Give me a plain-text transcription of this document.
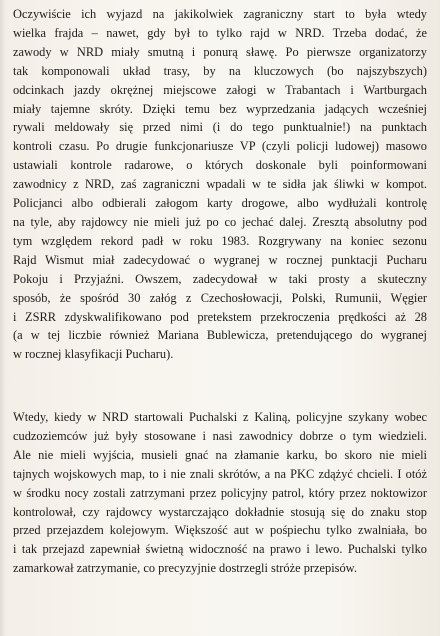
Oczywiście ich wyjazd na jakikolwiek zagraniczny start to była wtedy
wielka frajda – nawet, gdy był to tylko rajd w NRD. Trzeba dodać, że
zawody w NRD miały smutną i ponurą sławę. Po pierwsze organizatorzy
tak komponowali układ trasy, by na kluczowych (bo najszybszych)
odcinkach jazdy okrężnej miejscowe załogi w Trabantach i Wartburgach
miały tajemne skróty. Dzięki temu bez wyprzedzania jadących wcześniej
rywali meldowały się przed nimi (i do tego punktualnie!) na punktach
kontroli czasu. Po drugie funkcjonariusze VP (czyli policji ludowej) masowo
ustawiali kontrole radarowe, o których doskonale byli poinformowani
zawodnicy z NRD, zaś zagraniczni wpadali w te sidła jak śliwki w kompot.
Policjanci albo odbierali załogom karty drogowe, albo wydłużali kontrolę
na tyle, aby rajdowcy nie mieli już po co jechać dalej. Zresztą absolutny pod
tym względem rekord padł w roku 1983. Rozgrywany na koniec sezonu
Rajd Wismut miał zadecydować o wygranej w rocznej punktacji Pucharu
Pokoju i Przyjaźni. Owszem, zadecydował w taki prosty a skuteczny
sposób, że spośród 30 załóg z Czechosłowacji, Polski, Rumunii, Węgier
i ZSRR zdyskwalifikowano pod pretekstem przekroczenia prędkości aż 28
(a w tej liczbie również Mariana Bublewicza, pretendującego do wygranej
w rocznej klasyfikacji Pucharu).
Wtedy, kiedy w NRD startowali Puchalski z Kaliną, policyjne szykany wobec
cudzoziemców już były stosowane i nasi zawodnicy dobrze o tym wiedzieli.
Ale nie mieli wyjścia, musieli gnać na złamanie karku, bo skoro nie mieli
tajnych wojskowych map, to i nie znali skrótów, a na PKC zdążyć chcieli. I otóż
w środku nocy zostali zatrzymani przez policyjny patrol, który przez noktowizor
kontrolował, czy rajdowcy wystarczająco dokładnie stosują się do znaku stop
przed przejazdem kolejowym. Większość aut w pośpiechu tylko zwalniała, bo
i tak przejazd zapewniał świetną widoczność na prawo i lewo. Puchalski tylko
zamarkował zatrzymanie, co precyzyjnie dostrzegli stróże przepisów.
